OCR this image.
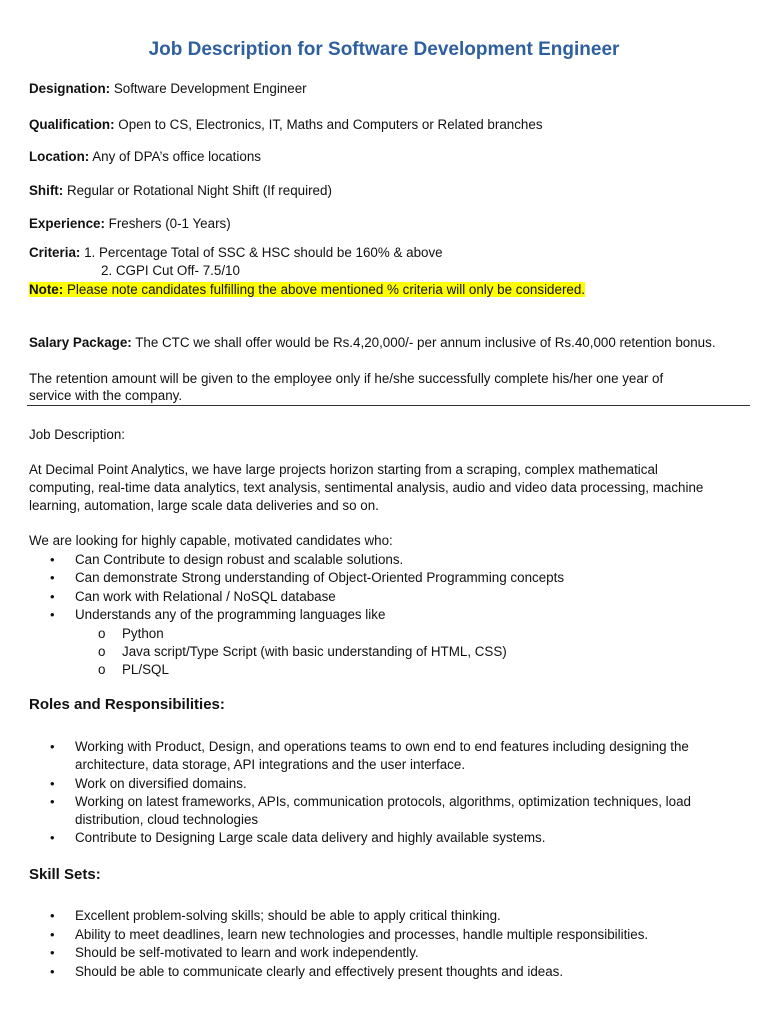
Job Description for Software Development Engineer
Designation: Software Development Engineer
Qualification: Open to CS, Electronics, IT, Maths and Computers or Related branches
Location: Any of DPA’s office locations
Shift: Regular or Rotational Night Shift (If required)
Experience: Freshers (0-1 Years)
Criteria: 1. Percentage Total of SSC & HSC should be 160% & above
2. CGPI Cut Off- 7.5/10
Note: Please note candidates fulfilling the above mentioned % criteria will only be considered.
Salary Package: The CTC we shall offer would be Rs.4,20,000/- per annum inclusive of Rs.40,000 retention bonus.
The retention amount will be given to the employee only if he/she successfully complete his/her one year of
service with the company.
Job Description:
At Decimal Point Analytics, we have large projects horizon starting from a scraping, complex mathematical
computing, real-time data analytics, text analysis, sentimental analysis, audio and video data processing, machine
learning, automation, large scale data deliveries and so on.
We are looking for highly capable, motivated candidates who:
• Can Contribute to design robust and scalable solutions.
• Can demonstrate Strong understanding of Object-Oriented Programming concepts
• Can work with Relational / NoSQL database
• Understands any of the programming languages like
o Python
o Java script/Type Script (with basic understanding of HTML, CSS)
o PL/SQL
Roles and Responsibilities:
• Working with Product, Design, and operations teams to own end to end features including designing the architecture, data storage, API integrations and the user interface.
• Work on diversified domains.
• Working on latest frameworks, APIs, communication protocols, algorithms, optimization techniques, load distribution, cloud technologies
• Contribute to Designing Large scale data delivery and highly available systems.
Skill Sets:
• Excellent problem-solving skills; should be able to apply critical thinking.
• Ability to meet deadlines, learn new technologies and processes, handle multiple responsibilities.
• Should be self-motivated to learn and work independently.
• Should be able to communicate clearly and effectively present thoughts and ideas.
